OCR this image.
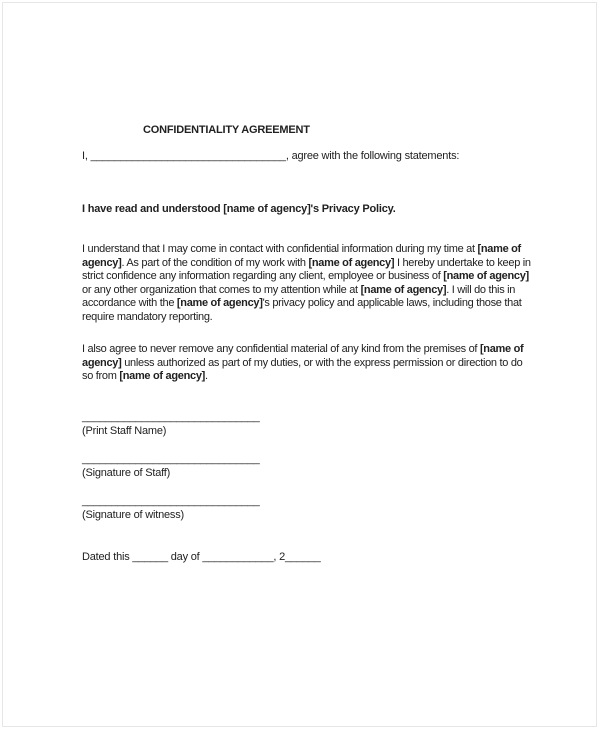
CONFIDENTIALITY AGREEMENT

I, _________________________________, agree with the following statements:

I have read and understood [name of agency]'s Privacy Policy.

I understand that I may come in contact with confidential information during my time at [name of agency]. As part of the condition of my work with [name of agency] I hereby undertake to keep in strict confidence any information regarding any client, employee or business of [name of agency] or any other organization that comes to my attention while at [name of agency]. I will do this in accordance with the [name of agency]'s privacy policy and applicable laws, including those that require mandatory reporting.

I also agree to never remove any confidential material of any kind from the premises of [name of agency] unless authorized as part of my duties, or with the express permission or direction to do so from [name of agency].

______________________________
(Print Staff Name)
______________________________
(Signature of Staff)
______________________________
(Signature of witness)

Dated this ______ day of ____________, 2______
